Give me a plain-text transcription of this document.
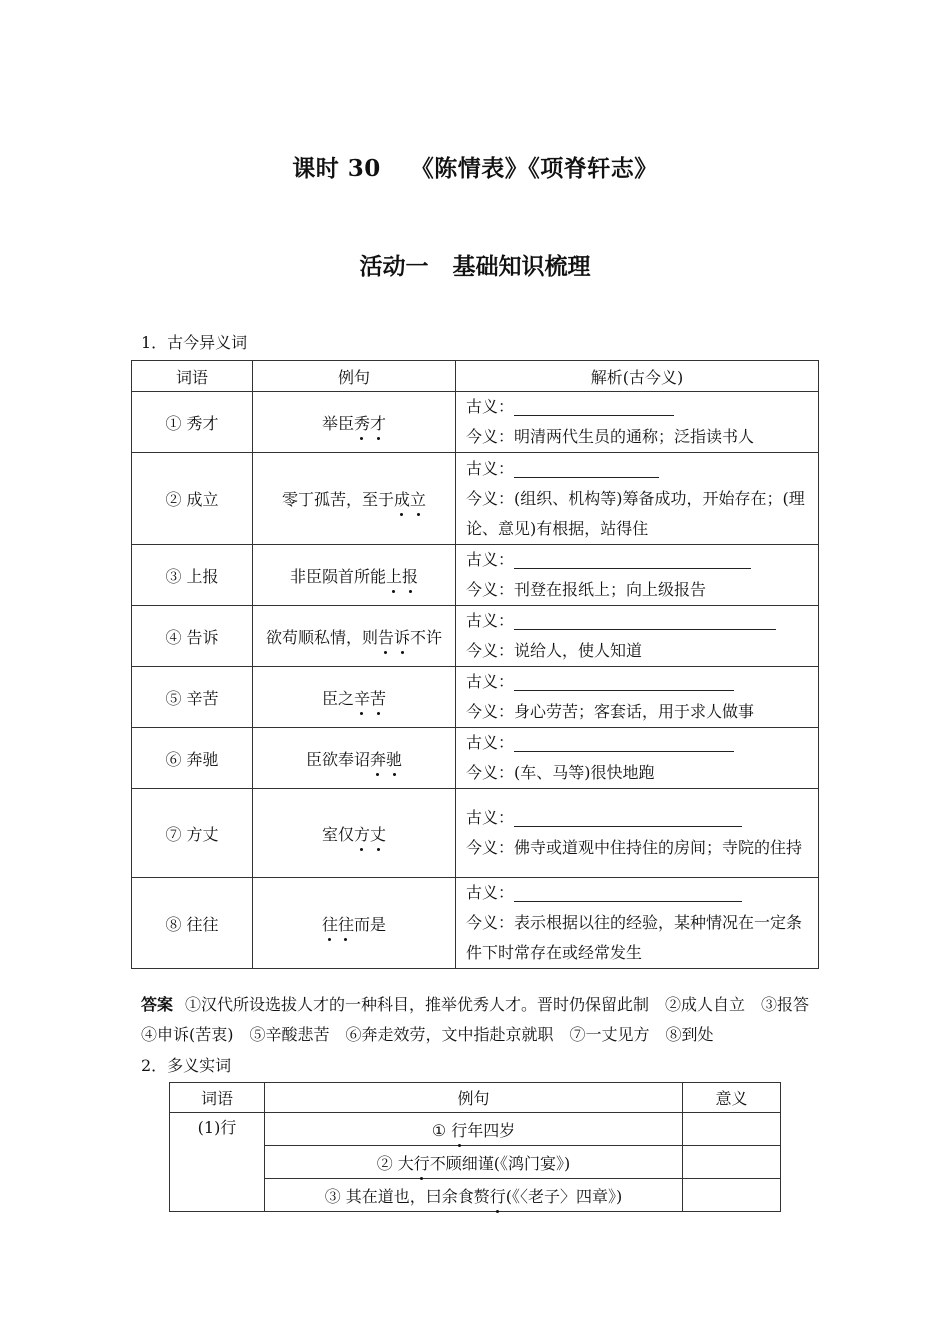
课时 30 《陈情表》《项脊轩志》
活动一 基础知识梳理
1．古今异义词
词语	例句	解析(古今义)
① 秀才	举臣秀才	古义：
今义：明清两代生员的通称；泛指读书人

② 成立	零丁孤苦，至于成立	古义：
今义：(组织、机构等)筹备成功，开始存在；(理论、意见)有根据，站得住

③ 上报	非臣陨首所能上报	古义：
今义：刊登在报纸上；向上级报告

④ 告诉	欲苟顺私情，则告诉不许	古义：
今义：说给人，使人知道

⑤ 辛苦	臣之辛苦	古义：
今义：身心劳苦；客套话，用于求人做事

⑥ 奔驰	臣欲奉诏奔驰	古义：
今义：(车、马等)很快地跑

⑦ 方丈	室仅方丈	古义：
今义：佛寺或道观中住持住的房间；寺院的住持

⑧ 往往	往往而是	古义：
今义：表示根据以往的经验，某种情况在一定条件下时常存在或经常发生
答案 ①汉代所设选拔人才的一种科目，推举优秀人才。晋时仍保留此制　②成人自立　③报答　④申诉(苦衷)　⑤辛酸悲苦　⑥奔走效劳，文中指赴京就职　⑦一丈见方　⑧到处
2．多义实词
词语	例句	意义
(1)行	① 行年四岁	
	② 大行不顾细谨(《鸿门宴》)	
	③ 其在道也，曰余食赘行(《〈老子〉四章》)	
